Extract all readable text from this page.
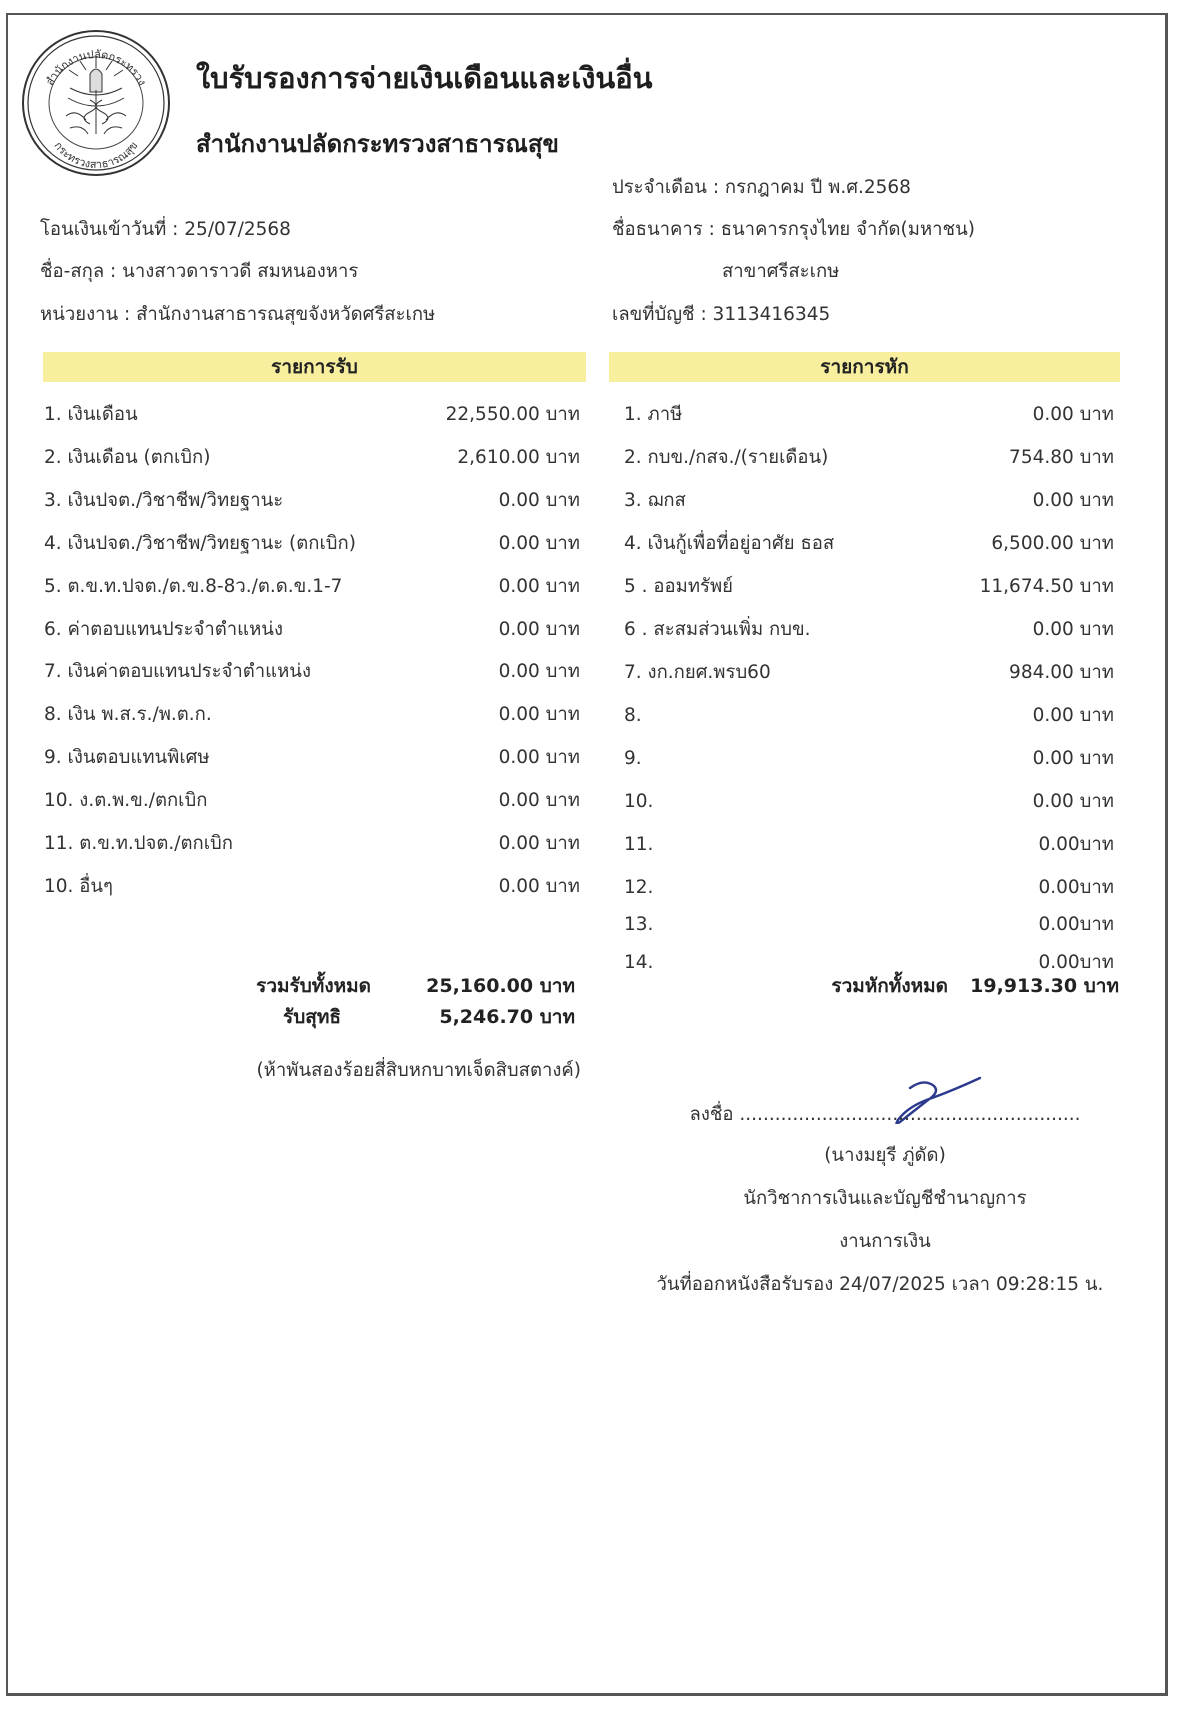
สำนักงานปลัดกระทรวง
กระทรวงสาธารณสุข
ใบรับรองการจ่ายเงินเดือนและเงินอื่น
สำนักงานปลัดกระทรวงสาธารณสุข
ประจำเดือน : กรกฎาคม ปี พ.ศ.2568
โอนเงินเข้าวันที่ : 25/07/2568	ชื่อธนาคาร : ธนาคารกรุงไทย จำกัด(มหาชน)
ชื่อ-สกุล : นางสาวดาราวดี สมหนองหาร	สาขาศรีสะเกษ
หน่วยงาน : สำนักงานสาธารณสุขจังหวัดศรีสะเกษ	เลขที่บัญชี : 3113416345
รายการรับ	รายการหัก
1. เงินเดือน	22,550.00 บาท
2. เงินเดือน (ตกเบิก)	2,610.00 บาท
3. เงินปจต./วิชาชีพ/วิทยฐานะ	0.00 บาท
4. เงินปจต./วิชาชีพ/วิทยฐานะ (ตกเบิก)	0.00 บาท
5. ต.ข.ท.ปจต./ต.ข.8-8ว./ต.ด.ข.1-7	0.00 บาท
6. ค่าตอบแทนประจำตำแหน่ง	0.00 บาท
7. เงินค่าตอบแทนประจำตำแหน่ง	0.00 บาท
8. เงิน พ.ส.ร./พ.ต.ก.	0.00 บาท
9. เงินตอบแทนพิเศษ	0.00 บาท
10. ง.ต.พ.ข./ตกเบิก	0.00 บาท
11. ต.ข.ท.ปจต./ตกเบิก	0.00 บาท
10. อื่นๆ	0.00 บาท
1. ภาษี	0.00 บาท
2. กบข./กสจ./(รายเดือน)	754.80 บาท
3. ฌกส	0.00 บาท
4. เงินกู้เพื่อที่อยู่อาศัย ธอส	6,500.00 บาท
5 . ออมทรัพย์	11,674.50 บาท
6 . สะสมส่วนเพิ่ม กบข.	0.00 บาท
7. งก.กยศ.พรบ60	984.00 บาท
8.	0.00 บาท
9.	0.00 บาท
10.	0.00 บาท
11.	0.00บาท
12.	0.00บาท
13.	0.00บาท
14.	0.00บาท
รวมรับทั้งหมด	25,160.00 บาท
รับสุทธิ	5,246.70 บาท
(ห้าพันสองร้อยสี่สิบหกบาทเจ็ดสิบสตางค์)
รวมหักทั้งหมด 19,913.30 บาท
ลงชื่อ ..........................................................
(นางมยุรี ภู่ดัด)
นักวิชาการเงินและบัญชีชำนาญการ
งานการเงิน
วันที่ออกหนังสือรับรอง 24/07/2025 เวลา 09:28:15 น.
